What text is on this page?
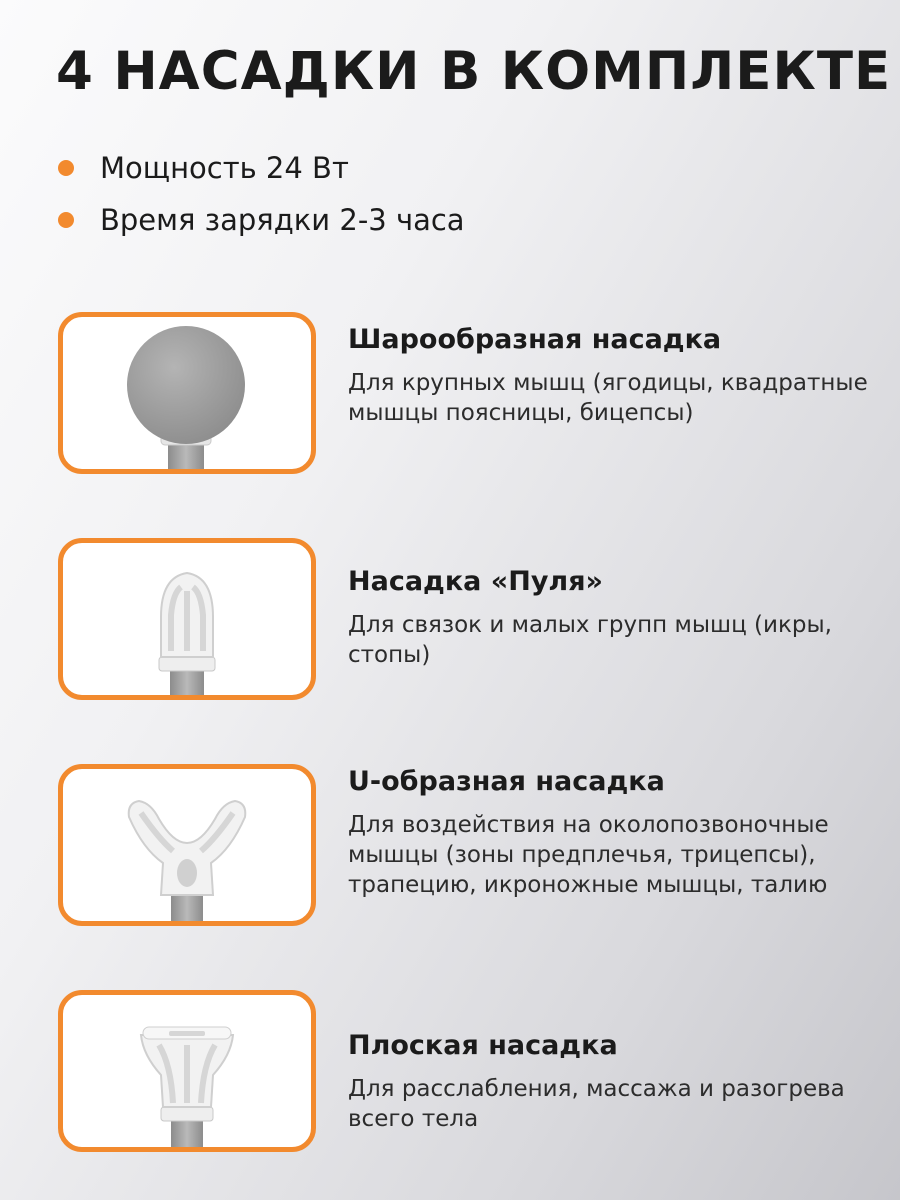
4 НАСАДКИ В КОМПЛЕКТЕ
Мощность 24 Вт
Время зарядки 2-3 часа
Шарообразная насадка

Для крупных мышц (ягодицы, квадратные мышцы поясницы, бицепсы)

Насадка «Пуля»

Для связок и малых групп мышц (икры, стопы)

U-образная насадка

Для воздействия на околопозвоночные мышцы (зоны предплечья, трицепсы), трапецию, икроножные мышцы, талию

Плоская насадка

Для расслабления, массажа и разогрева всего тела
